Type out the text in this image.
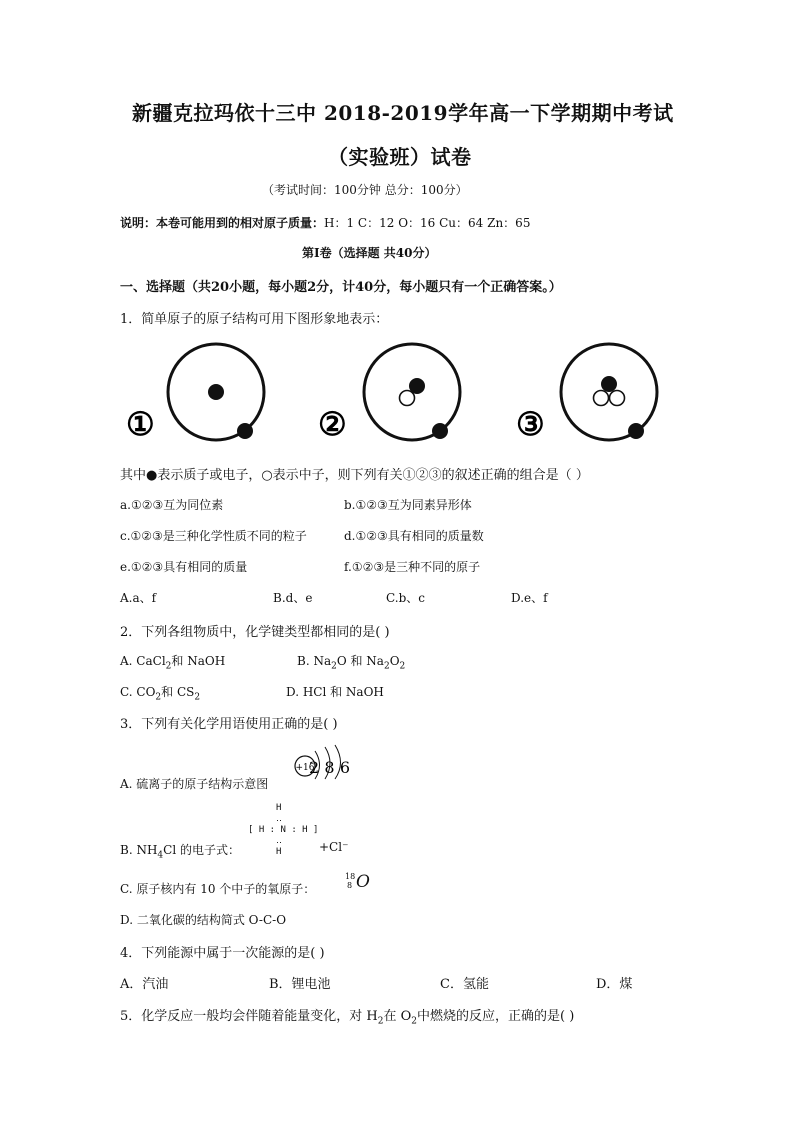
新疆克拉玛依十三中 2018-2019学年高一下学期期中考试
（实验班）试卷
（考试时间：100分钟 总分：100分）
说明：本卷可能用到的相对原子质量：H：1 C：12 O：16 Cu：64 Zn：65
第Ⅰ卷（选择题 共40分）
一、选择题（共20小题，每小题2分，计40分，每小题只有一个正确答案。）
1．简单原子的原子结构可用下图形象地表示：
①	②	③
其中●表示质子或电子，○表示中子，则下列有关①②③的叙述正确的组合是（ ）
a.①②③互为同位素	b.①②③互为同素异形体
c.①②③是三种化学性质不同的粒子	d.①②③具有相同的质量数
e.①②③具有相同的质量	f.①②③是三种不同的原子
A.a、f	B.d、e	C.b、c	D.e、f
2．下列各组物质中，化学键类型都相同的是( )
A. CaCl$_2$和 NaOH	B. $Na_2O$ 和 $Na_2O_2$
C. $CO_2$和 $CS_2$	D. HCl 和 NaOH
3．下列有关化学用语使用正确的是( )
A. 硫离子的原子结构示意图
+16
286
H
‥
[ H : N : H ]
‥
H
B. $NH_4Cl$ 的电子式：	+Cl⁻
C. 原子核内有 10 个中子的氧原子：
18
8 O
D. 二氧化碳的结构简式 O-C-O
4．下列能源中属于一次能源的是( )
A．汽油	B．锂电池	C．氢能	D．煤
5．化学反应一般均会伴随着能量变化，对 $H_2$在 $O_2$中燃烧的反应，正确的是( )
